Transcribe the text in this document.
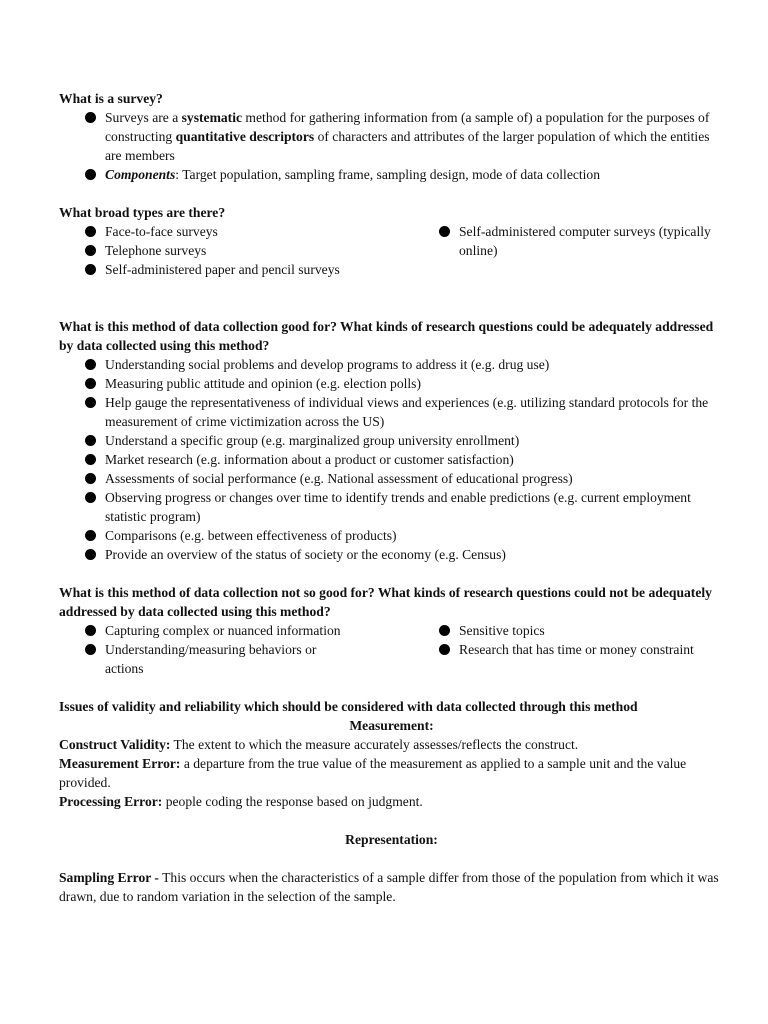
What is a survey?

Surveys are a systematic method for gathering information from (a sample of) a population for the purposes of constructing quantitative descriptors of characters and attributes of the larger population of which the entities are members
Components: Target population, sampling frame, sampling design, mode of data collection

What broad types are there?

Face-to-face surveys
Telephone surveys
Self-administered paper and pencil surveys
Self-administered computer surveys (typically online)

What is this method of data collection good for? What kinds of research questions could be adequately addressed by data collected using this method?

Understanding social problems and develop programs to address it (e.g. drug use)
Measuring public attitude and opinion (e.g. election polls)
Help gauge the representativeness of individual views and experiences (e.g. utilizing standard protocols for the measurement of crime victimization across the US)
Understand a specific group (e.g. marginalized group university enrollment)
Market research (e.g. information about a product or customer satisfaction)
Assessments of social performance (e.g. National assessment of educational progress)
Observing progress or changes over time to identify trends and enable predictions (e.g. current employment statistic program)
Comparisons (e.g. between effectiveness of products)
Provide an overview of the status of society or the economy (e.g. Census)

What is this method of data collection not so good for? What kinds of research questions could not be adequately addressed by data collected using this method?

Capturing complex or nuanced information
Understanding/measuring behaviors or actions
Sensitive topics
Research that has time or money constraint

Issues of validity and reliability which should be considered with data collected through this method

Measurement:

Construct Validity: The extent to which the measure accurately assesses/reflects the construct.

Measurement Error: a departure from the true value of the measurement as applied to a sample unit and the value provided.

Processing Error: people coding the response based on judgment.

Representation:

Sampling Error - This occurs when the characteristics of a sample differ from those of the population from which it was drawn, due to random variation in the selection of the sample.
